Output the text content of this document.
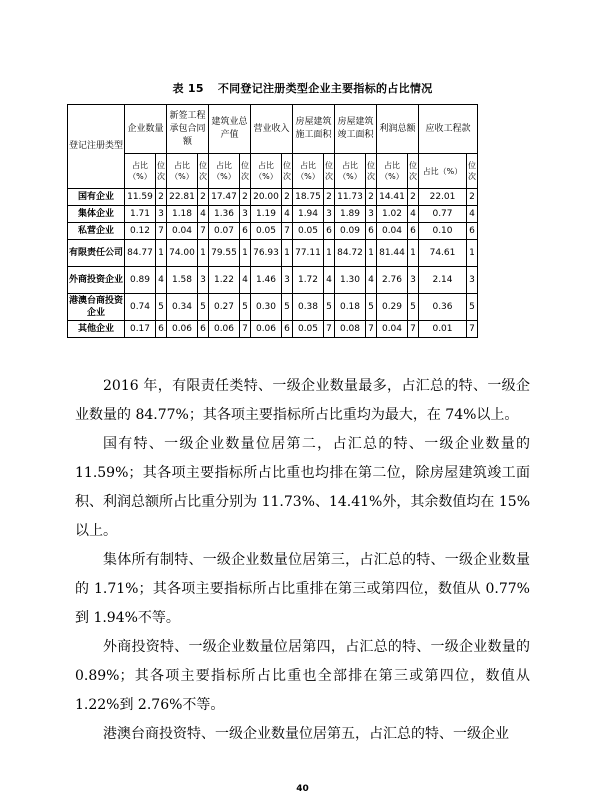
表 15 不同登记注册类型企业主要指标的占比情况
登记注册类型	企业数量		新签工程承包合同额		建筑业总产值		营业收入		房屋建筑施工面积		房屋建筑竣工面积		利润总额		应收工程款	
	占比（%）	位次	占比（%）	位次	占比（%）	位次	占比（%）	位次	占比（%）	位次	占比（%）	位次	占比（%）	位次	占比（%）	位次
国有企业	11.59	2	22.81	2	17.47	2	20.00	2	18.75	2	11.73	2	14.41	2	22.01	2
集体企业	1.71	3	1.18	4	1.36	3	1.19	4	1.94	3	1.89	3	1.02	4	0.77	4
私营企业	0.12	7	0.04	7	0.07	6	0.05	7	0.05	6	0.09	6	0.04	6	0.10	6
有限责任公司	84.77	1	74.00	1	79.55	1	76.93	1	77.11	1	84.72	1	81.44	1	74.61	1
外商投资企业	0.89	4	1.58	3	1.22	4	1.46	3	1.72	4	1.30	4	2.76	3	2.14	3
港澳台商投资企业	0.74	5	0.34	5	0.27	5	0.30	5	0.38	5	0.18	5	0.29	5	0.36	5
其他企业	0.17	6	0.06	6	0.06	7	0.06	6	0.05	7	0.08	7	0.04	7	0.01	7

2016 年，有限责任类特、一级企业数量最多，占汇总的特、一级企业数量的 84.77%；其各项主要指标所占比重均为最大，在 74%以上。

国有特、一级企业数量位居第二，占汇总的特、一级企业数量的 11.59%；其各项主要指标所占比重也均排在第二位，除房屋建筑竣工面积、利润总额所占比重分别为 11.73%、14.41%外，其余数值均在 15%以上。

集体所有制特、一级企业数量位居第三，占汇总的特、一级企业数量的 1.71%；其各项主要指标所占比重排在第三或第四位，数值从 0.77%到 1.94%不等。

外商投资特、一级企业数量位居第四，占汇总的特、一级企业数量的 0.89%；其各项主要指标所占比重也全部排在第三或第四位，数值从 1.22%到 2.76%不等。

港澳台商投资特、一级企业数量位居第五，占汇总的特、一级企业

40
